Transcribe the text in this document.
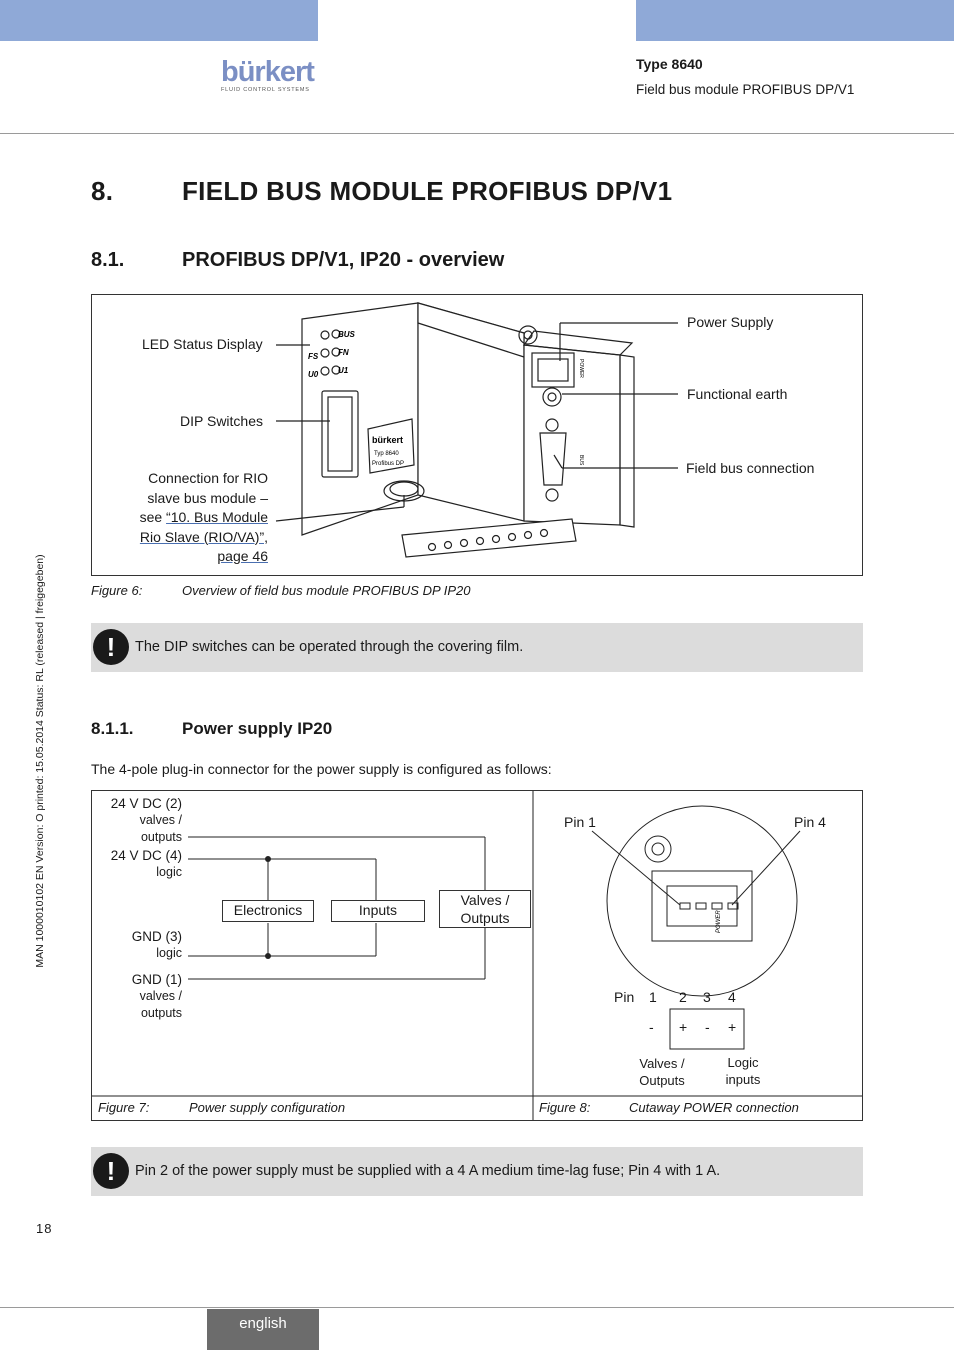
bürkert
FLUID CONTROL SYSTEMS
Type 8640
Field bus module PROFIBUS DP/V1
MAN 1000010102 EN Version: O printed: 15.05.2014 Status: RL (released | freigegeben)
8.	FIELD BUS MODULE PROFIBUS DP/V1
8.1.	PROFIBUS DP/V1, IP20 - overview
BUS
FS FN
U0 U1
bürkert
Typ 8640
Profibus DP
POWER
BUS
LED Status Display
DIP Switches
Connection for RIO
slave bus module –
see “10. Bus Module
Rio Slave (RIO/VA)”,
page 46
Power Supply
Functional earth
Field bus connection
Figure 6:	Overview of field bus module PROFIBUS DP IP20
!	The DIP switches can be operated through the covering film.
8.1.1.	Power supply IP20
The 4-pole plug-in connector for the power supply is configured as follows:
POWER
24 V DC (2)
valves /
outputs
24 V DC (4)
logic
GND (3)
logic
GND (1)
valves /
outputs
Electronics	Inputs
Valves /
Outputs
Pin 1	Pin 4
Pin 1 2 3 4
- + - +
Valves /
Outputs
Logic
inputs
Figure 7:	Power supply configuration	Figure 8:	Cutaway POWER connection
!	Pin 2 of the power supply must be supplied with a 4 A medium time-lag fuse; Pin 4 with 1 A.
18
english
